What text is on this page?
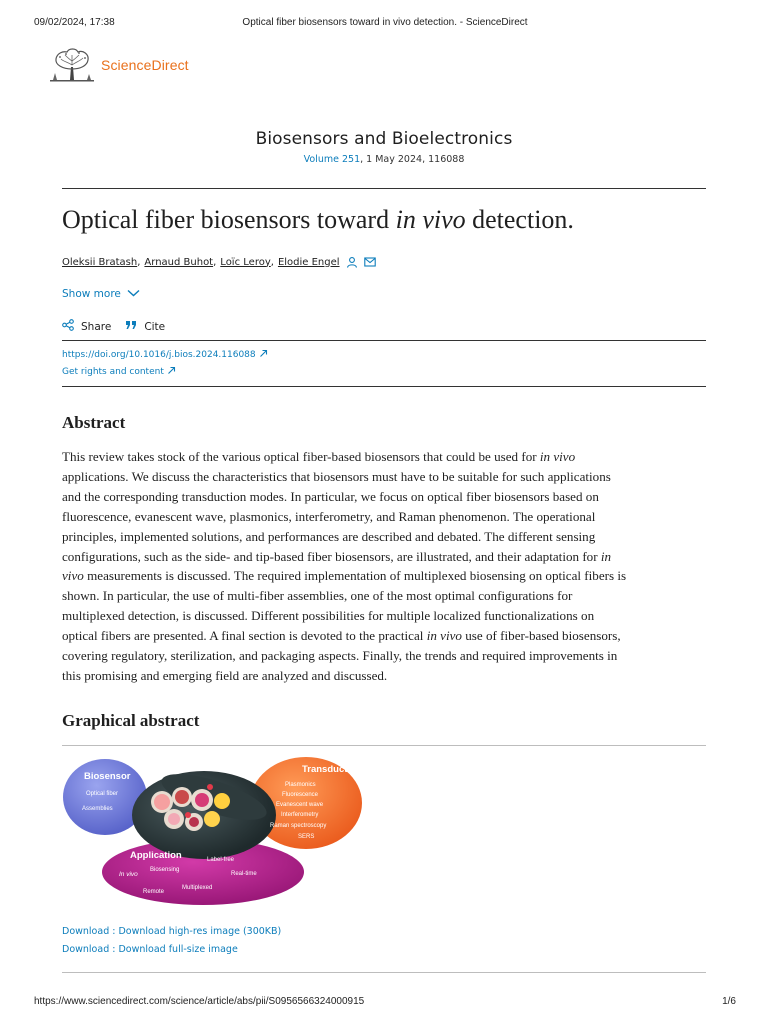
09/02/2024, 17:38	Optical fiber biosensors toward in vivo detection. - ScienceDirect
ScienceDirect
Biosensors and Bioelectronics
Volume 251, 1 May 2024, 116088
Optical fiber biosensors toward in vivo detection.
Oleksii Bratash , Arnaud Buhot , Loïc Leroy , Elodie Engel
Show more
Share	Cite
https://doi.org/10.1016/j.bios.2024.116088
Get rights and content
Abstract
This review takes stock of the various optical fiber-based biosensors that could be used for in vivo
applications. We discuss the characteristics that biosensors must have to be suitable for such applications
and the corresponding transduction modes. In particular, we focus on optical fiber biosensors based on
fluorescence, evanescent wave, plasmonics, interferometry, and Raman phenomenon. The operational
principles, implemented solutions, and performances are described and debated. The different sensing
configurations, such as the side- and tip-based fiber biosensors, are illustrated, and their adaptation for in
vivo measurements is discussed. The required implementation of multiplexed biosensing on optical fibers is
shown. In particular, the use of multi-fiber assemblies, one of the most optimal configurations for
multiplexed detection, is discussed. Different possibilities for multiple localized functionalizations on
optical fibers are presented. A final section is devoted to the practical in vivo use of fiber-based biosensors,
covering regulatory, sterilization, and packaging aspects. Finally, the trends and required improvements in
this promising and emerging field are analyzed and discussed.
Graphical abstract
Biosensor
Optical fiber
Assemblies
Transduction
Plasmonics
Fluorescence
Evanescent wave
Interferometry
Raman spectroscopy
SERS
Application
In vivo
Biosensing
Label-free
Real-time
Remote
Multiplexed
Download : Download high-res image (300KB)
Download : Download full-size image
https://www.sciencedirect.com/science/article/abs/pii/S0956566324000915	1/6
